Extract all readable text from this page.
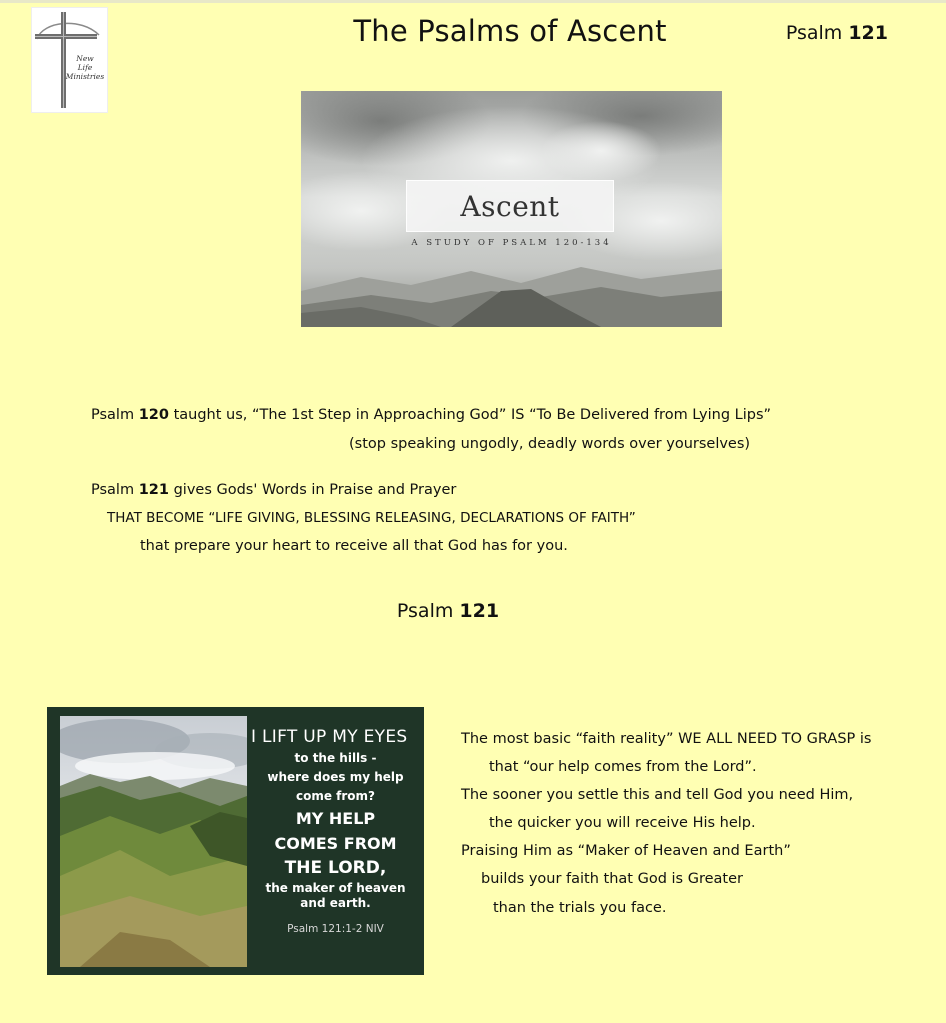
New
Life
Ministries
The Psalms of Ascent	Psalm 121
Ascent
A STUDY OF PSALM 120-134
Psalm 120 taught us, “The 1st Step in Approaching God” IS “To Be Delivered from Lying Lips”
(stop speaking ungodly, deadly words over yourselves)
Psalm 121 gives Gods' Words in Praise and Prayer
THAT BECOME “LIFE GIVING, BLESSING RELEASING, DECLARATIONS OF FAITH”
that prepare your heart to receive all that God has for you.
Psalm 121
I LIFT UP MY EYES
to the hills -
where does my help
come from?
MY HELP
COMES FROM
THE LORD,
the maker of heaven
and earth.
Psalm 121:1-2 NIV
The most basic “faith reality” WE ALL NEED TO GRASP is
that “our help comes from the Lord”.
The sooner you settle this and tell God you need Him,
the quicker you will receive His help.
Praising Him as “Maker of Heaven and Earth”
builds your faith that God is Greater
than the trials you face.
